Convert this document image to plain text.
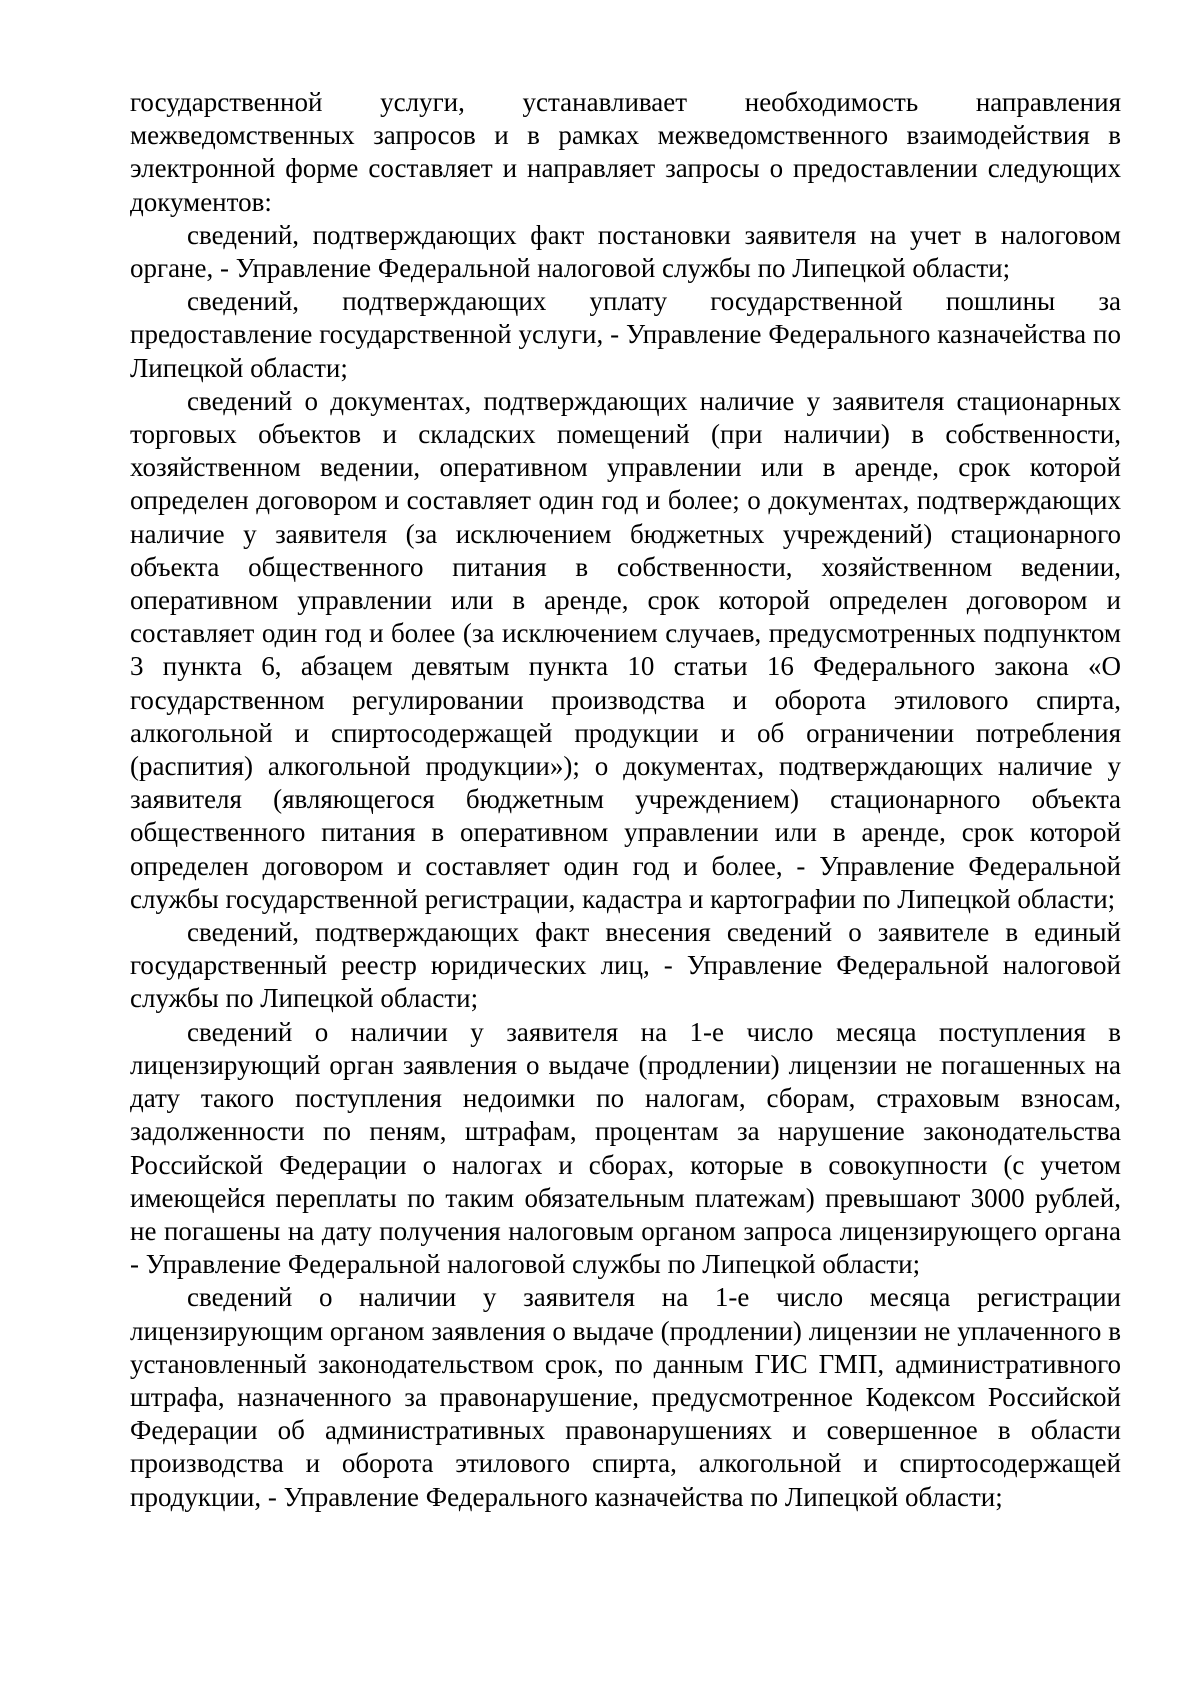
государственной услуги, устанавливает необходимость направления межведомственных запросов и в рамках межведомственного взаимодействия в электронной форме составляет и направляет запросы о предоставлении следующих документов:

сведений, подтверждающих факт постановки заявителя на учет в налоговом органе, - Управление Федеральной налоговой службы по Липецкой области;

сведений, подтверждающих уплату государственной пошлины за предоставление государственной услуги, - Управление Федерального казначейства по Липецкой области;

сведений о документах, подтверждающих наличие у заявителя стационарных торговых объектов и складских помещений (при наличии) в собственности, хозяйственном ведении, оперативном управлении или в аренде, срок которой определен договором и составляет один год и более; о документах, подтверждающих наличие у заявителя (за исключением бюджетных учреждений) стационарного объекта общественного питания в собственности, хозяйственном ведении, оперативном управлении или в аренде, срок которой определен договором и составляет один год и более (за исключением случаев, предусмотренных подпунктом 3 пункта 6, абзацем девятым пункта 10 статьи 16 Федерального закона «О государственном регулировании производства и оборота этилового спирта, алкогольной и спиртосодержащей продукции и об ограничении потребления (распития) алкогольной продукции»); о документах, подтверждающих наличие у заявителя (являющегося бюджетным учреждением) стационарного объекта общественного питания в оперативном управлении или в аренде, срок которой определен договором и составляет один год и более, - Управление Федеральной службы государственной регистрации, кадастра и картографии по Липецкой области;

сведений, подтверждающих факт внесения сведений о заявителе в единый государственный реестр юридических лиц, - Управление Федеральной налоговой службы по Липецкой области;

сведений о наличии у заявителя на 1-е число месяца поступления в лицензирующий орган заявления о выдаче (продлении) лицензии не погашенных на дату такого поступления недоимки по налогам, сборам, страховым взносам, задолженности по пеням, штрафам, процентам за нарушение законодательства Российской Федерации о налогах и сборах, которые в совокупности (с учетом имеющейся переплаты по таким обязательным платежам) превышают 3000 рублей, не погашены на дату получения налоговым органом запроса лицензирующего органа - Управление Федеральной налоговой службы по Липецкой области;

сведений о наличии у заявителя на 1-е число месяца регистрации лицензирующим органом заявления о выдаче (продлении) лицензии не уплаченного в установленный законодательством срок, по данным ГИС ГМП, административного штрафа, назначенного за правонарушение, предусмотренное Кодексом Российской Федерации об административных правонарушениях и совершенное в области производства и оборота этилового спирта, алкогольной и спиртосодержащей продукции, - Управление Федерального казначейства по Липецкой области;
